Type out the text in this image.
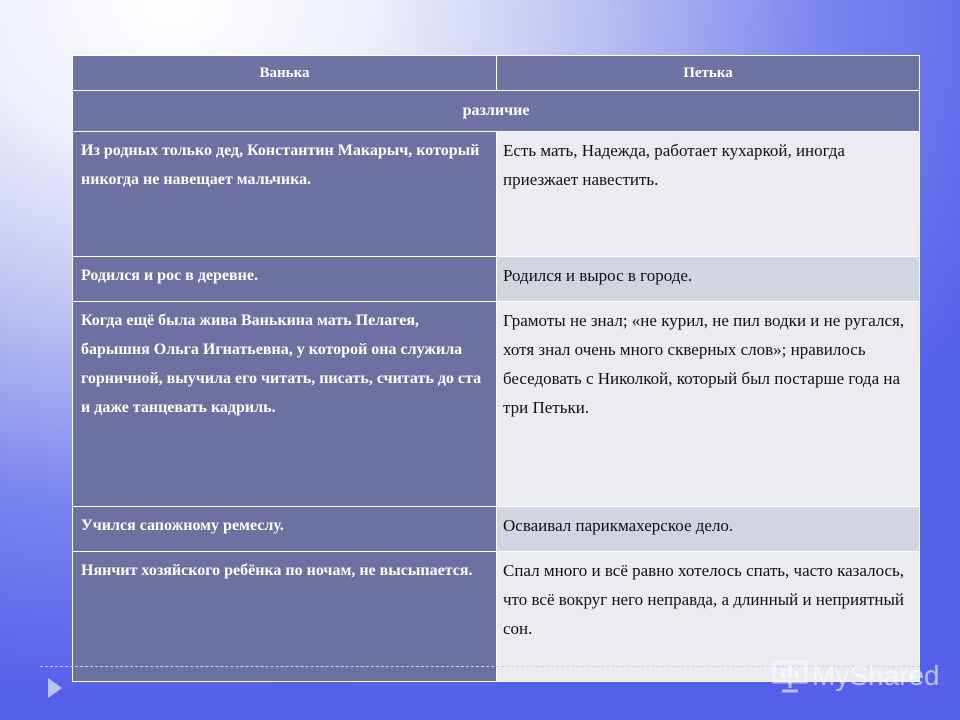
Ванька	Петька
различие	
Из родных только дед, Константин Макарыч, который никогда не навещает мальчика.	Есть мать, Надежда, работает кухаркой, иногда приезжает навестить.
Родился и рос в деревне.	Родился и вырос в городе.
Когда ещё была жива Ванькина мать Пелагея, барышня Ольга Игнатьевна, у которой она служила горничной, выучила его читать, писать, считать до ста и даже танцевать кадриль.	Грамоты не знал; «не курил, не пил водки и не ругался, хотя знал очень много скверных слов»; нравилось беседовать с Николкой, который был постарше года на три Петьки.
Учился сапожному ремеслу.	Осваивал парикмахерское дело.
Нянчит хозяйского ребёнка по ночам, не высыпается.	Спал много и всё равно хотелось спать, часто казалось, что всё вокруг него неправда, а длинный и неприятный сон.
MyShared
